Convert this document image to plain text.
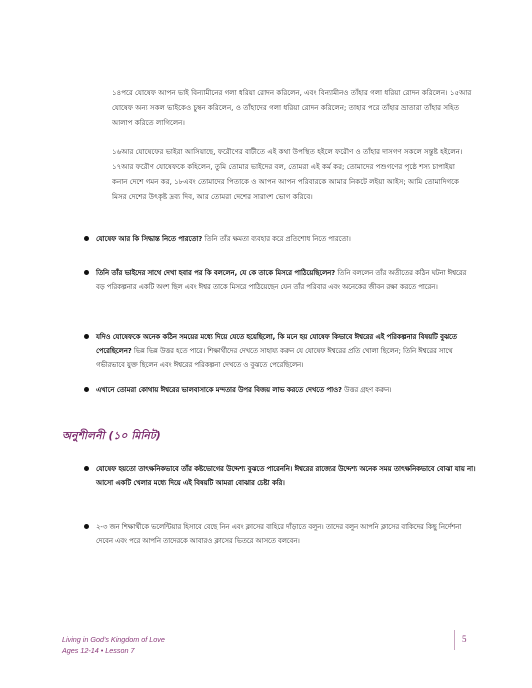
১৪পরে যোষেফ আপন ভাই বিন্যামীনের গলা ধরিয়া রোদন করিলেন, এবং বিন্যামীনও তাঁহার গলা ধরিয়া রোদন করিলেন। ১৫আর যোষেফ অন্য সকল ভাইকেও চুম্বন করিলেন, ও তাঁহাদের গলা ধরিয়া রোদন করিলেন; তাহার পরে তাঁহার ভ্রাতারা তাঁহার সহিত আলাপ করিতে লাগিলেন।

১৬আর যোষেফের ভাইরা আসিয়াছে, ফরৌণের বাটীতে এই কথা উপস্থিত হইলে ফরৌণ ও তাঁহার দাসগণ সকলে সন্তুষ্ট হইলেন। ১৭আর ফরৌণ যোষেফকে কহিলেন, তুমি তোমার ভাইদের বল, তোমরা এই কর্ম কর; তোমাদের পশুগণের পৃষ্ঠে শস্য চাপাইয়া কনান দেশে গমন কর, ১৮এবং তোমাদের পিতাকে ও আপন আপন পরিবারকে আমার নিকটে লইয়া আইস; আমি তোমাদিগকে মিসর দেশের উৎকৃষ্ট দ্রব্য দিব, আর তোমরা দেশের সারাংশ ভোগ করিবে।

যোষেফ আর কি সিদ্ধান্ত নিতে পারতো? তিনি তাঁর ক্ষমতা ব্যবহার করে প্রতিশোধ নিতে পারতো।
তিনি তাঁর ভাইদের সাথে দেখা হবার পর কি বললেন, যে কে তাকে মিসরে পাঠিয়েছিলেন? তিনি বললেন তাঁর অতীতের কঠিন ঘটনা ঈশ্বরের বড় পরিকল্পনার একটি অংশ ছিল এবং ঈশ্বর তাকে মিসরে পাঠিয়েছেন যেন তাঁর পরিবার এবং অনেকের জীবন রক্ষা করতে পারেন।
যদিও যোষেফকে অনেক কঠিন সময়ের মধ্যে দিয়ে যেতে হয়েছিলো, কি মনে হয় যোষেফ কিভাবে ঈশ্বরের এই পরিকল্পনার বিষয়টি বুঝতে পেরেছিলেন? ভিন্ন ভিন্ন উত্তর হতে পারে। শিক্ষার্থীদের দেখতে সাহায্য করুন যে যোষেফ ঈশ্বরের প্রতি খোলা ছিলেন; তিনি ঈশ্বরের সাথে গভীরভাবে যুক্ত ছিলেন এবং ঈশ্বরের পরিকল্পনা দেখতে ও বুঝতে পেরেছিলেন।
এখানে তোমরা কোথায় ঈশ্বরের ভালবাসাকে মন্দতার উপর বিজয় লাভ করতে দেখতে পাও? উত্তর গ্রহণ করুন।
অনুশীলনী (১০ মিনিট)
যোষেফ হয়তো তাৎক্ষনিকভাবে তাঁর কষ্টভোগের উদ্দেশ্য বুঝতে পারেননি। ঈশ্বরের রাজ্যের উদ্দেশ্য অনেক সময় তাৎক্ষনিকভাবে বোঝা যায় না। আসো একটি খেলার মধ্যে দিয়ে এই বিষয়টি আমরা বোঝার চেষ্টা করি।
২-৩ জন শিক্ষার্থীকে ভলেন্টিয়ার হিসাবে বেছে নিন এবং ক্লাসের বাহিরে দাঁড়াতে বলুন। তাদের বলুন আপনি ক্লাসের বাকিদের কিছু নির্দেশনা দেবেন এবং পরে আপনি তাদেরকে আবারও ক্লাসের ভিতরে আসতে বলবেন।
Living in God's Kingdom of Love
Ages 12-14 • Lesson 7
5
